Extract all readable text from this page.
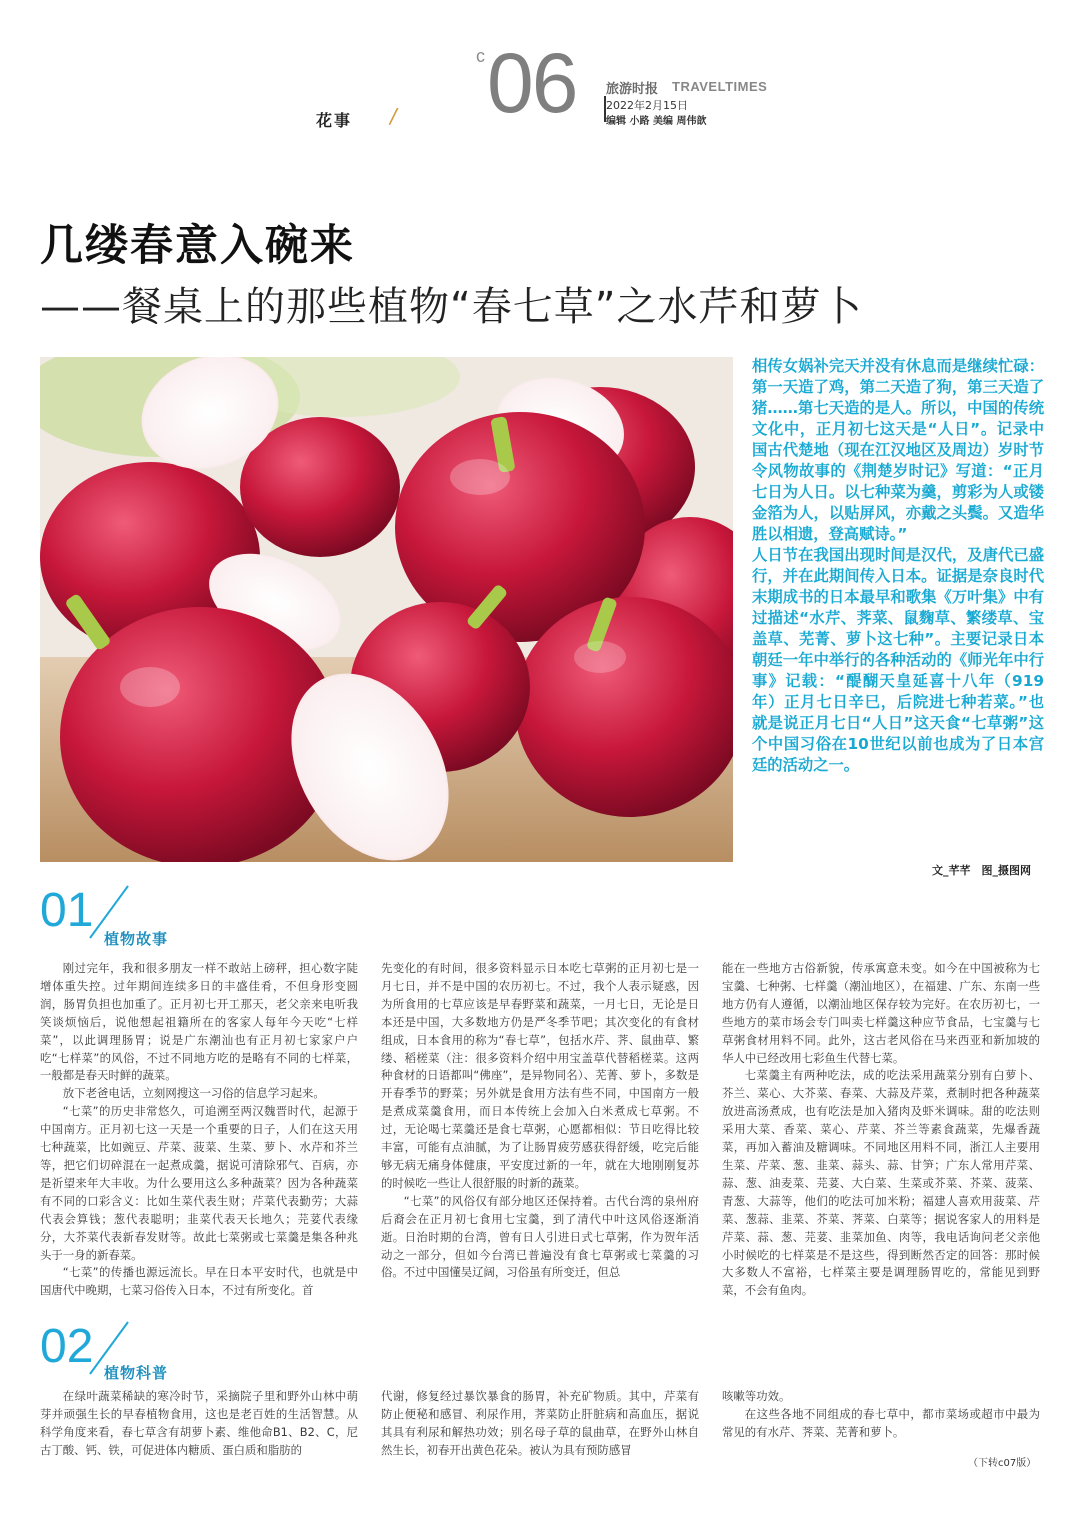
花事 /
c 06 旅游时报 TRAVELTIMES
2022年2月15日
编辑 小路 美编 周伟歆
几缕春意入碗来
——餐桌上的那些植物“春七草”之水芹和萝卜

相传女娲补完天并没有休息而是继续忙碌：第一天造了鸡，第二天造了狗，第三天造了猪……第七天造的是人。所以，中国的传统文化中，正月初七这天是“人日”。记录中国古代楚地（现在江汉地区及周边）岁时节令风物故事的《荆楚岁时记》写道：“正月七日为人日。以七种菜为羹，剪彩为人或镂金箔为人，以贴屏风，亦戴之头鬓。又造华胜以相遗，登高赋诗。”

人日节在我国出现时间是汉代，及唐代已盛行，并在此期间传入日本。证据是奈良时代末期成书的日本最早和歌集《万叶集》中有过描述“水芹、荠菜、鼠麴草、繁缕草、宝盖草、芜菁、萝卜这七种”。主要记录日本朝廷一年中举行的各种活动的《师光年中行事》记载：“醍醐天皇延喜十八年（919年）正月七日辛巳，后院进七种若菜。”也就是说正月七日“人日”这天食“七草粥”这个中国习俗在10世纪以前也成为了日本宫廷的活动之一。

文_芊芊　图_摄图网
01
植物故事

刚过完年，我和很多朋友一样不敢站上磅秤，担心数字陡增体重失控。过年期间连续多日的丰盛佳肴，不但身形变圆润，肠胃负担也加重了。正月初七开工那天，老父亲来电听我笑谈烦恼后，说他想起祖籍所在的客家人每年今天吃“七样菜”，以此调理肠胃；说是广东潮汕也有正月初七家家户户吃“七样菜”的风俗，不过不同地方吃的是略有不同的七样菜，一般都是春天时鲜的蔬菜。

放下老爸电话，立刻网搜这一习俗的信息学习起来。

“七菜”的历史非常悠久，可追溯至两汉魏晋时代，起源于中国南方。正月初七这一天是一个重要的日子，人们在这天用七种蔬菜，比如豌豆、芹菜、菠菜、生菜、萝卜、水芹和芥兰等，把它们切碎混在一起煮成羹，据说可清除邪气、百病，亦是祈望来年大丰收。为什么要用这么多种蔬菜？因为各种蔬菜有不同的口彩含义：比如生菜代表生财；芹菜代表勤劳；大蒜代表会算钱；葱代表聪明；韭菜代表天长地久；芫荽代表缘分，大芥菜代表新春发财等。故此七菜粥或七菜羹是集各种兆头于一身的新春菜。

“七菜”的传播也源远流长。早在日本平安时代，也就是中国唐代中晚期，七菜习俗传入日本，不过有所变化。首

先变化的有时间，很多资料显示日本吃七草粥的正月初七是一月七日，并不是中国的农历初七。不过，我个人表示疑惑，因为所食用的七草应该是早春野菜和蔬菜，一月七日，无论是日本还是中国，大多数地方仍是严冬季节吧；其次变化的有食材组成，日本食用的称为“春七草”，包括水芹、荠、鼠曲草、繁缕、稻槎菜（注：很多资料介绍中用宝盖草代替稻槎菜。这两种食材的日语都叫“佛座”，是异物同名）、芜菁、萝卜，多数是开春季节的野菜；另外就是食用方法有些不同，中国南方一般是煮成菜羹食用，而日本传统上会加入白米煮成七草粥。不过，无论喝七菜羹还是食七草粥，心愿都相似：节日吃得比较丰富，可能有点油腻，为了让肠胃疲劳感获得舒缓，吃完后能够无病无痛身体健康，平安度过新的一年，就在大地刚刚复苏的时候吃一些让人很舒服的时新的蔬菜。

“七菜”的风俗仅有部分地区还保持着。古代台湾的泉州府后裔会在正月初七食用七宝羹，到了清代中叶这风俗逐渐消逝。日治时期的台湾，曾有日人引进日式七草粥，作为贺年活动之一部分，但如今台湾已普遍没有食七草粥或七菜羹的习俗。不过中国懂吴辽阔，习俗虽有所变迁，但总

能在一些地方古俗新貌，传承寓意未变。如今在中国被称为七宝羹、七种粥、七样羹（潮汕地区），在福建、广东、东南一些地方仍有人遵循，以潮汕地区保存较为完好。在农历初七，一些地方的菜市场会专门叫卖七样羹这种应节食品，七宝羹与七草粥食材用料不同。此外，这古老风俗在马来西亚和新加坡的华人中已经改用七彩鱼生代替七菜。

七菜羹主有两种吃法，成的吃法采用蔬菜分别有白萝卜、芥兰、菜心、大芥菜、春菜、大蒜及芹菜，煮制时把各种蔬菜放进高汤煮成，也有吃法是加入猪肉及虾米调味。甜的吃法则采用大菜、香菜、菜心、芹菜、芥兰等素食蔬菜，先爆香蔬菜，再加入蓄油及糖调味。不同地区用料不同，浙江人主要用生菜、芹菜、葱、韭菜、蒜头、蒜、甘笋；广东人常用芹菜、蒜、葱、油麦菜、芫荽、大白菜、生菜或芥菜、芥菜、菠菜、青葱、大蒜等，他们的吃法可加米粉；福建人喜欢用菠菜、芹菜、葱蒜、韭菜、芥菜、荠菜、白菜等；据说客家人的用料是芹菜、蒜、葱、芫荽、韭菜加鱼、肉等，我电话询问老父亲他小时候吃的七样菜是不是这些，得到断然否定的回答：那时候大多数人不富裕，七样菜主要是调理肠胃吃的，常能见到野菜，不会有鱼肉。

02 植物科普

在绿叶蔬菜稀缺的寒冷时节，采摘院子里和野外山林中萌芽并顽强生长的早春植物食用，这也是老百姓的生活智慧。从科学角度来看，春七草含有胡萝卜素、维他命B1、B2、C，尼古丁酸、钙、铁，可促进体内糖质、蛋白质和脂肪的

代谢，修复经过暴饮暴食的肠胃，补充矿物质。其中，芹菜有防止便秘和感冒、利尿作用，荠菜防止肝脏病和高血压，据说其具有利尿和解热功效；别名母子草的鼠曲草，在野外山林自然生长，初春开出黄色花朵。被认为具有预防感冒

咳嗽等功效。

在这些各地不同组成的春七草中，都市菜场或超市中最为常见的有水芹、荠菜、芜菁和萝卜。

（下转c07版）
